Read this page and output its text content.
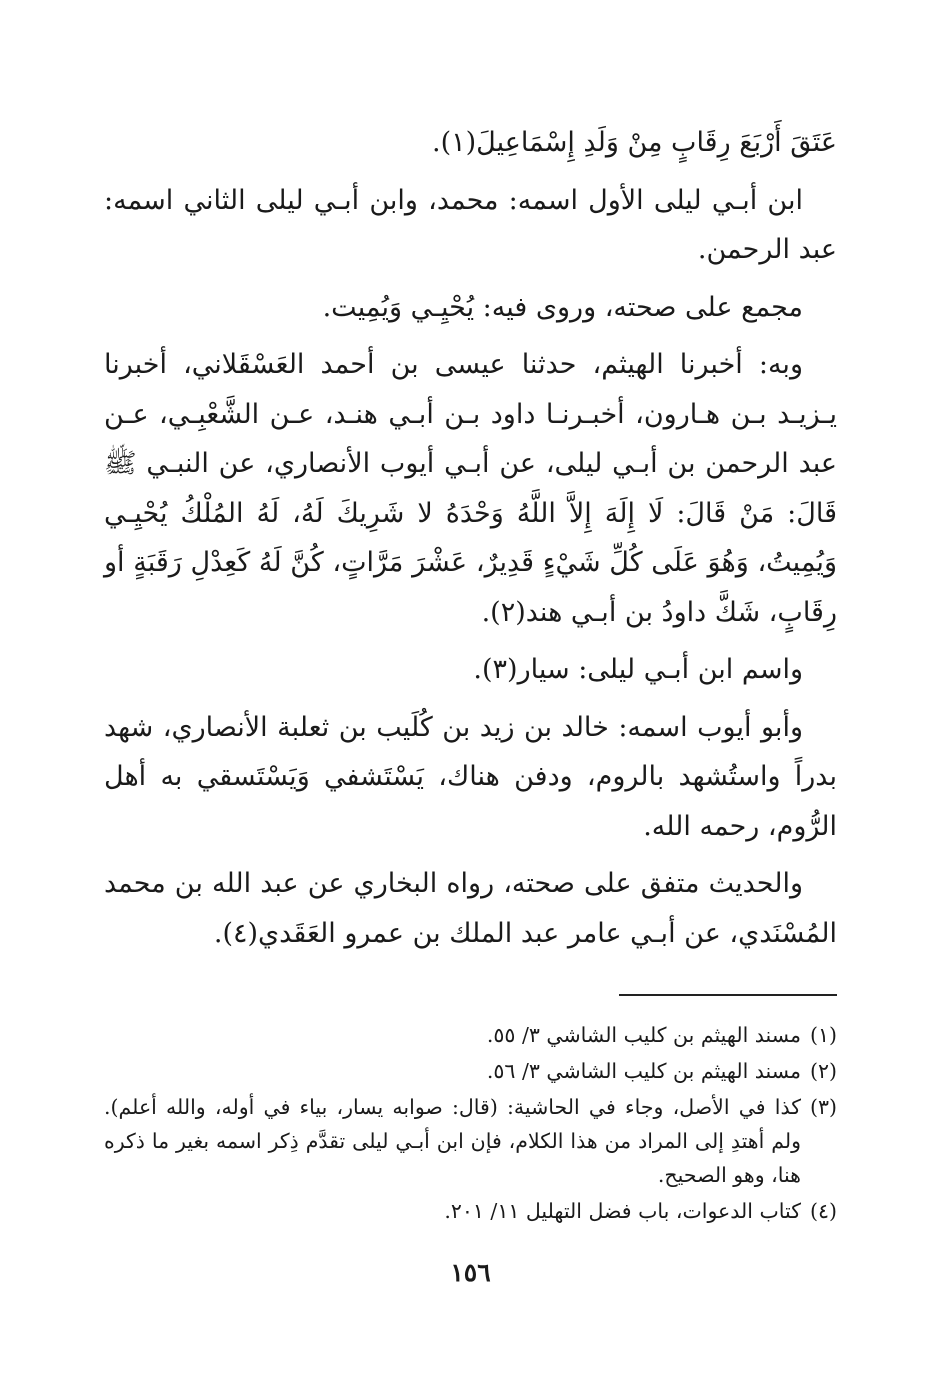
عَتَقَ أَرْبَعَ رِقَابٍ مِنْ وَلَدِ إِسْمَاعِيلَ(١).

ابن أبـي ليلى الأول اسمه: محمد، وابن أبـي ليلى الثاني اسمه: عبد الرحمن.

مجمع على صحته، وروى فيه: يُحْيِـي وَيُمِيت.

وبه: أخبرنا الهيثم، حدثنا عيسى بن أحمد العَسْقَلاني، أخبرنا يـزيـد بـن هـارون، أخبـرنـا داود بـن أبـي هنـد، عـن الشَّعْبِـي، عـن عبد الرحمن بن أبـي ليلى، عن أبـي أيوب الأنصاري، عن النبـي ﷺ قَالَ: مَنْ قَالَ: لَا إِلَهَ إِلاَّ اللَّهُ وَحْدَهُ لا شَرِيكَ لَهُ، لَهُ المُلْكُ يُحْيِـي وَيُمِيتُ، وَهُوَ عَلَى كُلِّ شَيْءٍ قَدِيرٌ، عَشْرَ مَرَّاتٍ، كُنَّ لَهُ كَعِدْلِ رَقَبَةٍ أو رِقَابٍ، شَكَّ داودُ بن أبـي هند(٢).

واسم ابن أبـي ليلى: سيار(٣).

وأبو أيوب اسمه: خالد بن زيد بن كُلَيب بن ثعلبة الأنصاري، شهد بدراً واستُشهد بالروم، ودفن هناك، يَسْتَشفي وَيَسْتَسقي به أهل الرُّوم، رحمه الله.

والحديث متفق على صحته، رواه البخاري عن عبد الله بن محمد المُسْنَدي، عن أبـي عامر عبد الملك بن عمرو العَقَدي(٤).

(١)
مسند الهيثم بن كليب الشاشي ٣/ ٥٥.
(٢)
مسند الهيثم بن كليب الشاشي ٣/ ٥٦.
(٣)
كذا في الأصل، وجاء في الحاشية: (قال: صوابه يسار، بياء في أوله، والله أعلم). ولم أهتدِ إلى المراد من هذا الكلام، فإن ابن أبـي ليلى تقدَّم ذِكر اسمه بغير ما ذكره هنا، وهو الصحيح.
(٤)
كتاب الدعوات، باب فضل التهليل ١١/ ٢٠١.
١٥٦
